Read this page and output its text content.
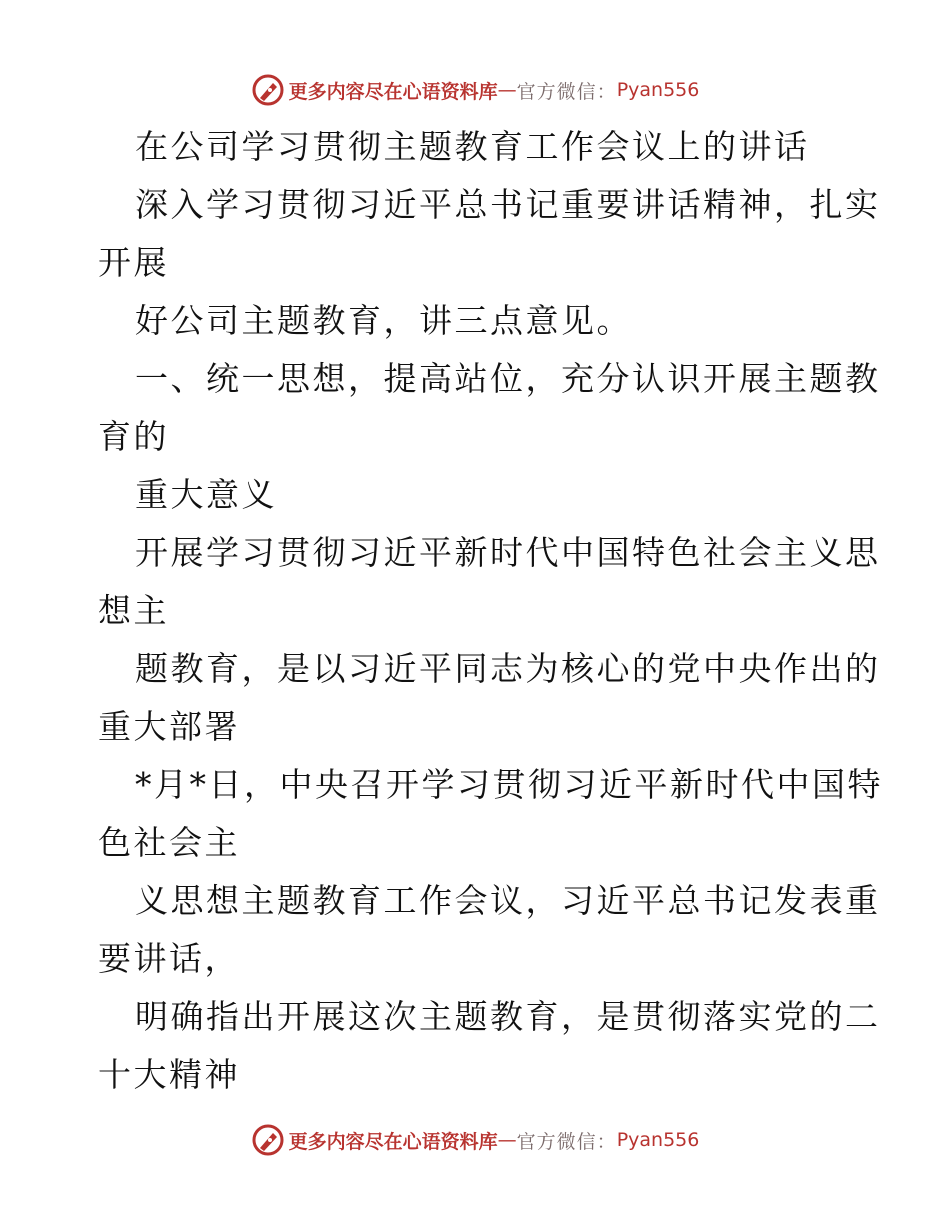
更多内容尽在心语资料库 — 官方微信： Pyan556
在公司学习贯彻主题教育工作会议上的讲话
深入学习贯彻习近平总书记重要讲话精神，扎实
开展
好公司主题教育，讲三点意见。
一、统一思想，提高站位，充分认识开展主题教
育的
重大意义
开展学习贯彻习近平新时代中国特色社会主义思
想主
题教育，是以习近平同志为核心的党中央作出的
重大部署
*月*日，中央召开学习贯彻习近平新时代中国特
色社会主
义思想主题教育工作会议，习近平总书记发表重
要讲话，
明确指出开展这次主题教育，是贯彻落实党的二
十大精神
更多内容尽在心语资料库 — 官方微信： Pyan556
